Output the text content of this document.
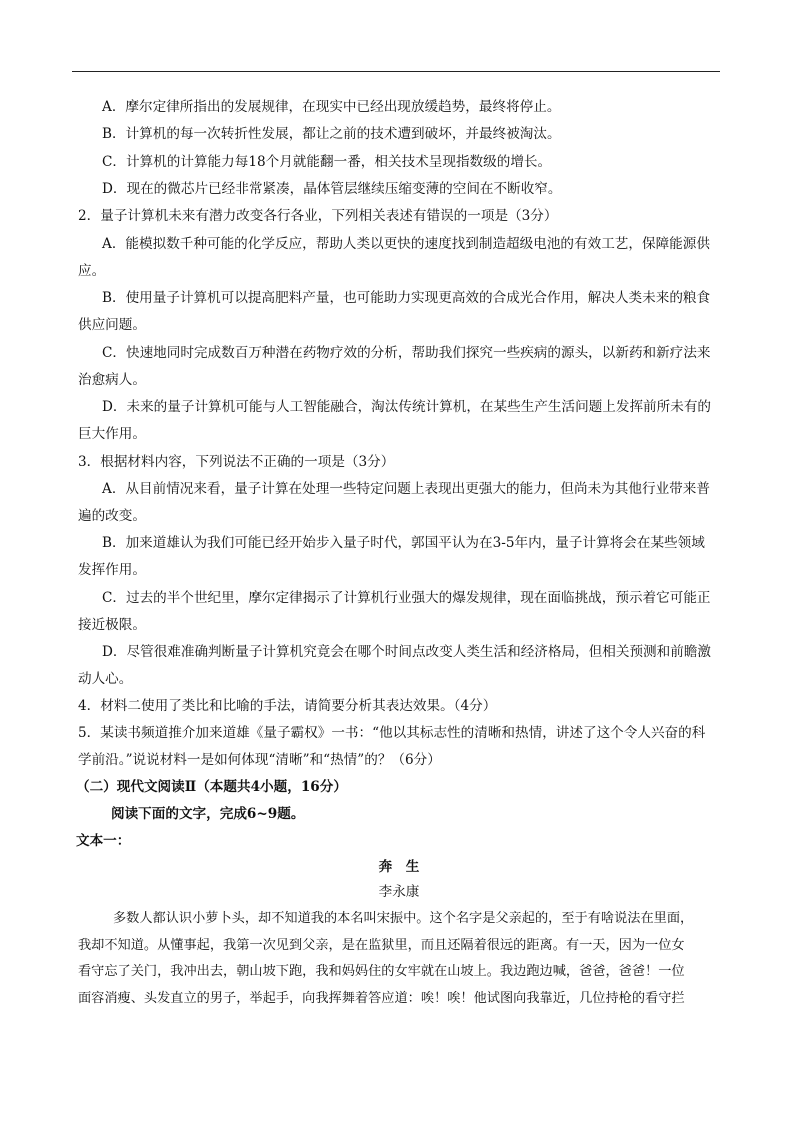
A．摩尔定律所指出的发展规律，在现实中已经出现放缓趋势，最终将停止。
B．计算机的每一次转折性发展，都让之前的技术遭到破坏，并最终被淘汰。
C．计算机的计算能力每18个月就能翻一番，相关技术呈现指数级的增长。
D．现在的微芯片已经非常紧凑，晶体管层继续压缩变薄的空间在不断收窄。
2．量子计算机未来有潜力改变各行各业，下列相关表述有错误的一项是（3分）
A．能模拟数千种可能的化学反应，帮助人类以更快的速度找到制造超级电池的有效工艺，保障能源供
应。
B．使用量子计算机可以提高肥料产量，也可能助力实现更高效的合成光合作用，解决人类未来的粮食
供应问题。
C．快速地同时完成数百万种潜在药物疗效的分析，帮助我们探究一些疾病的源头，以新药和新疗法来
治愈病人。
D．未来的量子计算机可能与人工智能融合，淘汰传统计算机，在某些生产生活问题上发挥前所未有的
巨大作用。
3．根据材料内容，下列说法不正确的一项是（3分）
A．从目前情况来看，量子计算在处理一些特定问题上表现出更强大的能力，但尚未为其他行业带来普
遍的改变。
B．加来道雄认为我们可能已经开始步入量子时代，郭国平认为在3-5年内，量子计算将会在某些领域
发挥作用。
C．过去的半个世纪里，摩尔定律揭示了计算机行业强大的爆发规律，现在面临挑战，预示着它可能正
接近极限。
D．尽管很难准确判断量子计算机究竟会在哪个时间点改变人类生活和经济格局，但相关预测和前瞻激
动人心。
4．材料二使用了类比和比喻的手法，请简要分析其表达效果。（4分）
5．某读书频道推介加来道雄《量子霸权》一书：“他以其标志性的清晰和热情，讲述了这个令人兴奋的科
学前沿。”说说材料一是如何体现“清晰”和“热情”的？（6分）
（二）现代文阅读Ⅱ（本题共4小题，16分）
阅读下面的文字，完成6~9题。
文本一：
奔　生
李永康
多数人都认识小萝卜头，却不知道我的本名叫宋振中。这个名字是父亲起的，至于有啥说法在里面，
我却不知道。从懂事起，我第一次见到父亲，是在监狱里，而且还隔着很远的距离。有一天，因为一位女
看守忘了关门，我冲出去，朝山坡下跑，我和妈妈住的女牢就在山坡上。我边跑边喊，爸爸，爸爸！一位
面容消瘦、头发直立的男子，举起手，向我挥舞着答应道：唉！唉！他试图向我靠近，几位持枪的看守拦
